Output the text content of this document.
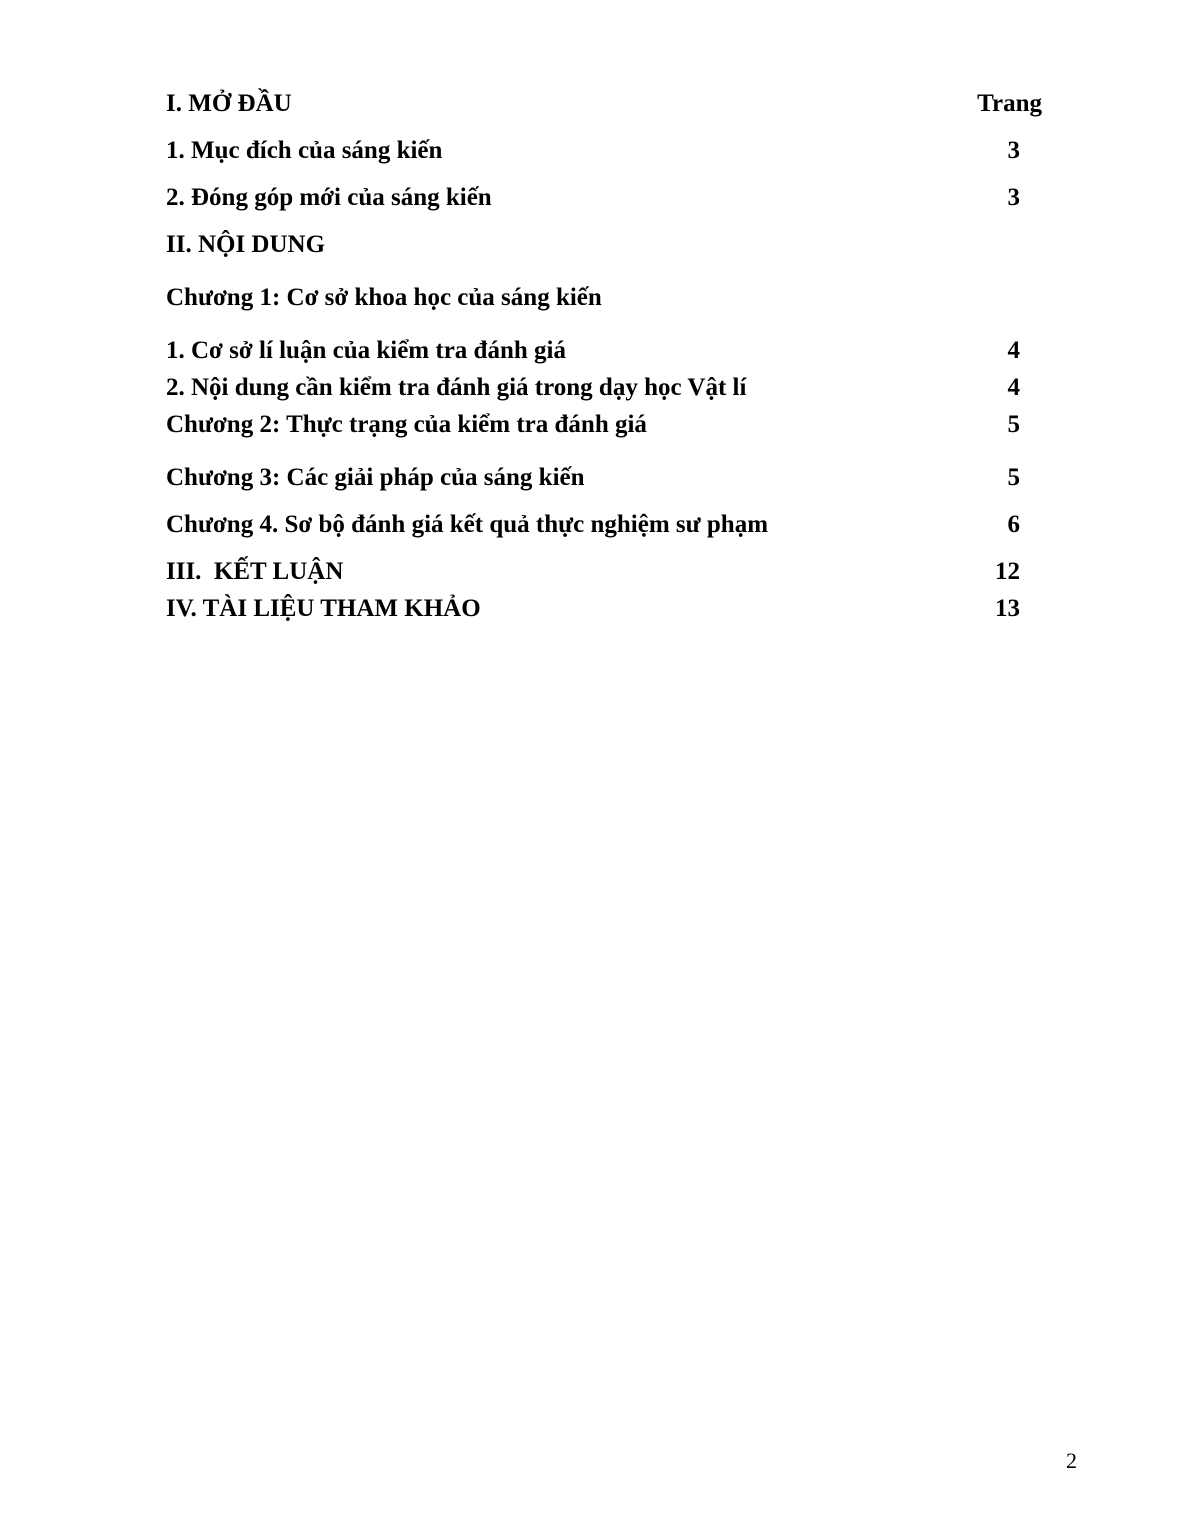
I. MỞ ĐẦU	Trang
1. Mục đích của sáng kiến	3
2. Đóng góp mới của sáng kiến	3
II. NỘI DUNG
Chương 1: Cơ sở khoa học của sáng kiến
1. Cơ sở lí luận của kiểm tra đánh giá	4
2. Nội dung cần kiểm tra đánh giá trong dạy học Vật lí	4
Chương 2: Thực trạng của kiểm tra đánh giá	5
Chương 3: Các giải pháp của sáng kiến	5
Chương 4. Sơ bộ đánh giá kết quả thực nghiệm sư phạm	6
III.  KẾT LUẬN	12
IV. TÀI LIỆU THAM KHẢO	13
2
